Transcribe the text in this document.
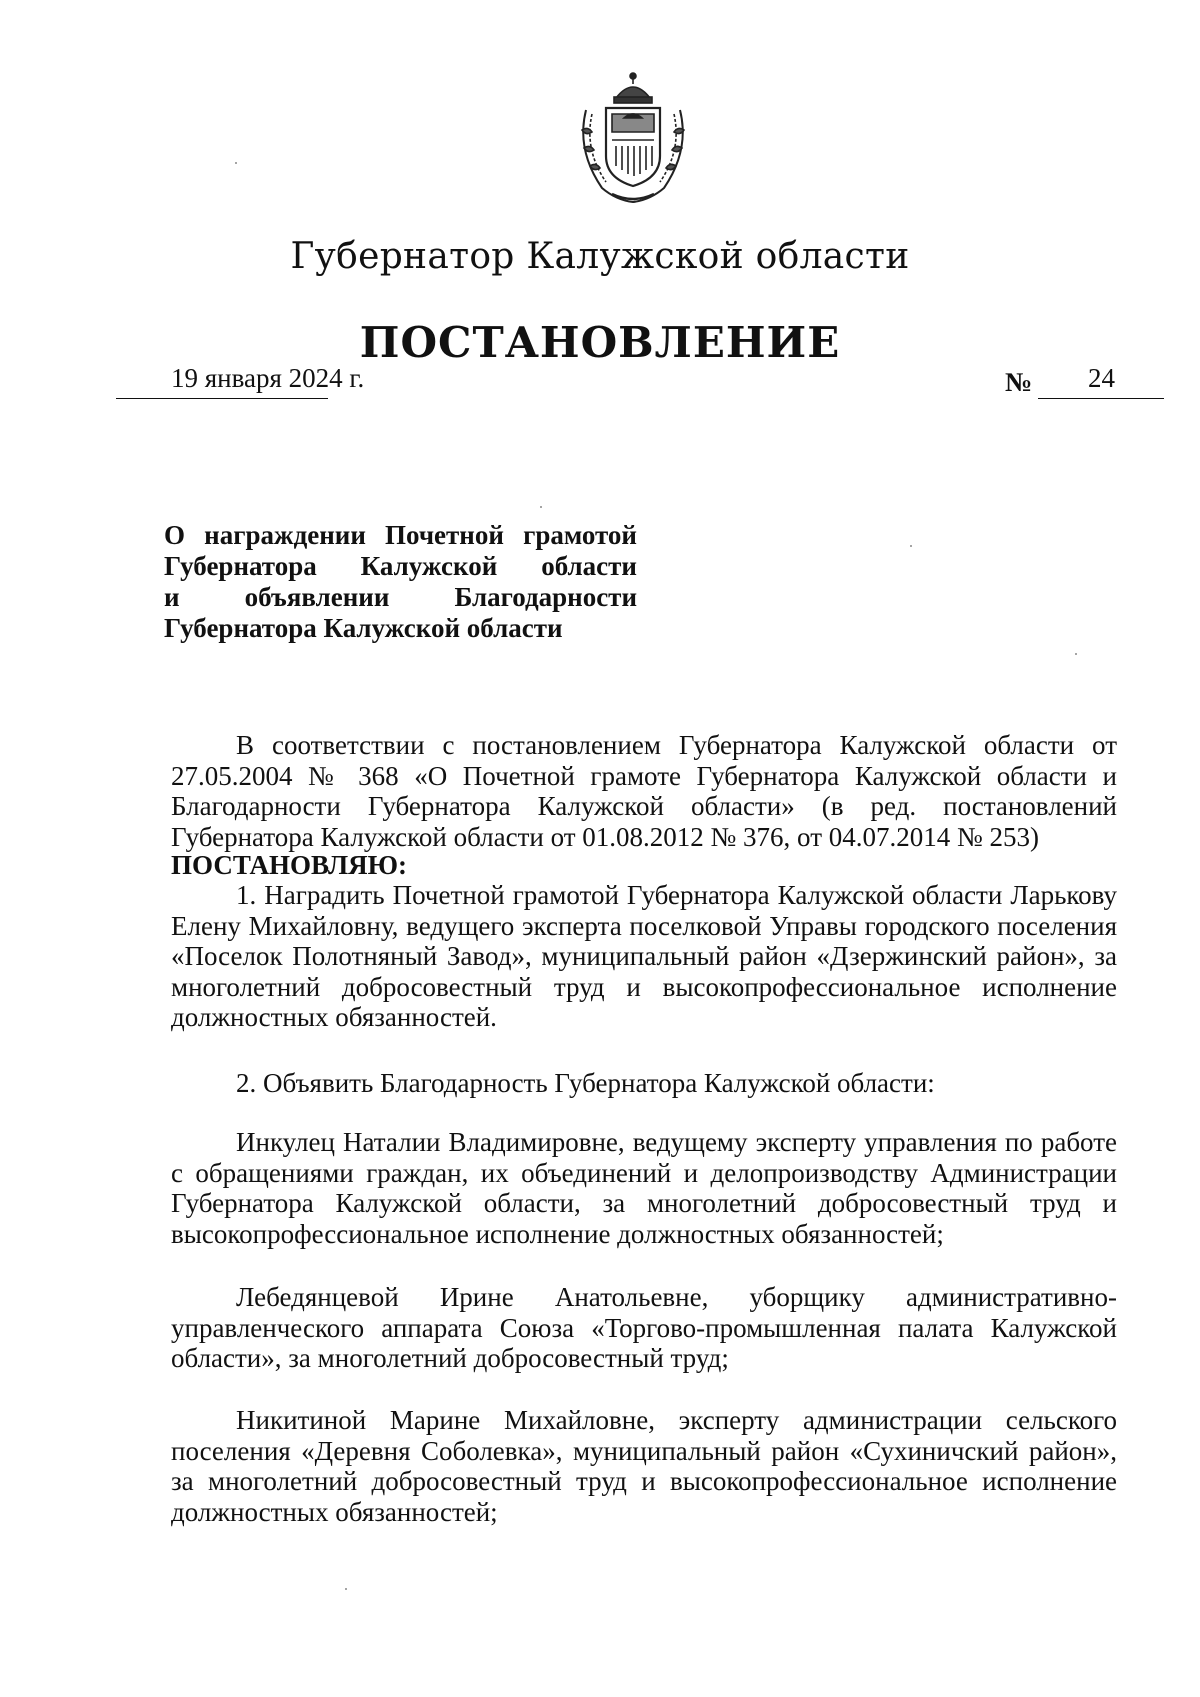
Губернатор Калужской области
ПОСТАНОВЛЕНИЕ
19 января 2024 г.	№ 24
О награждении Почетной грамотой
Губернатора Калужской области
и объявлении Благодарности
Губернатора Калужской области

В соответствии с постановлением Губернатора Калужской области от 27.05.2004 № 368 «О Почетной грамоте Губернатора Калужской области и Благодарности Губернатора Калужской области» (в ред. постановлений Губернатора Калужской области от 01.08.2012 № 376, от 04.07.2014 № 253)

ПОСТАНОВЛЯЮ:

1. Наградить Почетной грамотой Губернатора Калужской области Ларькову Елену Михайловну, ведущего эксперта поселковой Управы городского поселения «Поселок Полотняный Завод», муниципальный район «Дзержинский район», за многолетний добросовестный труд и высокопрофессиональное исполнение должностных обязанностей.

2. Объявить Благодарность Губернатора Калужской области:

Инкулец Наталии Владимировне, ведущему эксперту управления по работе с обращениями граждан, их объединений и делопроизводству Администрации Губернатора Калужской области, за многолетний добросовестный труд и высокопрофессиональное исполнение должностных обязанностей;

Лебедянцевой Ирине Анатольевне, уборщику административно-управленческого аппарата Союза «Торгово-промышленная палата Калужской области», за многолетний добросовестный труд;

Никитиной Марине Михайловне, эксперту администрации сельского поселения «Деревня Соболевка», муниципальный район «Сухиничский район», за многолетний добросовестный труд и высокопрофессиональное исполнение должностных обязанностей;
